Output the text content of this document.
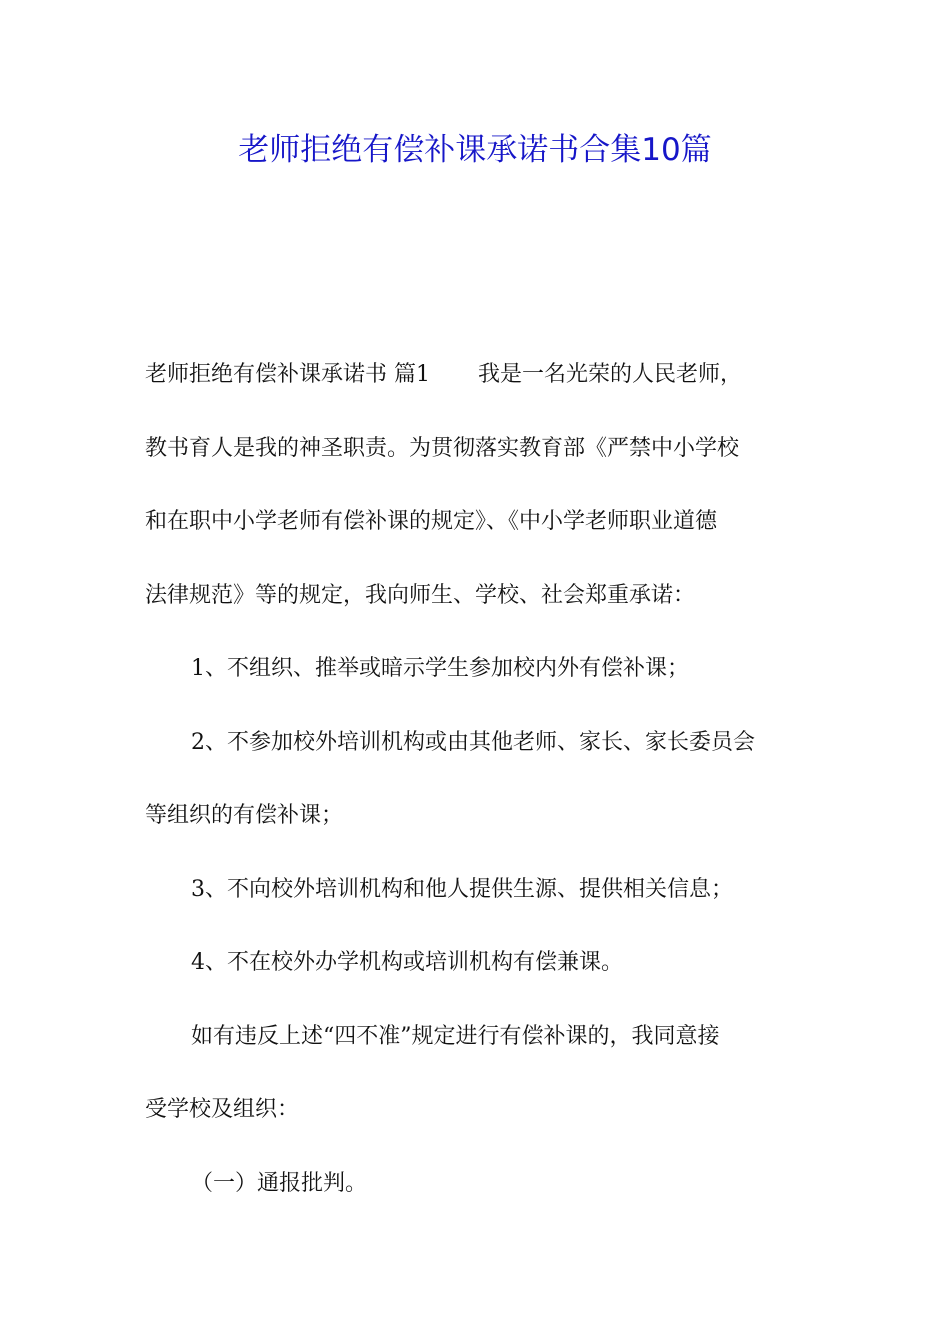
老师拒绝有偿补课承诺书合集10篇
老师拒绝有偿补课承诺书 篇1 我是一名光荣的人民老师，
教书育人是我的神圣职责。为贯彻落实教育部《严禁中小学校
和在职中小学老师有偿补课的规定》、《中小学老师职业道德
法律规范》等的规定，我向师生、学校、社会郑重承诺：
1、不组织、推举或暗示学生参加校内外有偿补课；
2、不参加校外培训机构或由其他老师、家长、家长委员会
等组织的有偿补课；
3、不向校外培训机构和他人提供生源、提供相关信息；
4、不在校外办学机构或培训机构有偿兼课。
如有违反上述“四不准”规定进行有偿补课的，我同意接
受学校及组织：
（一）通报批判。
